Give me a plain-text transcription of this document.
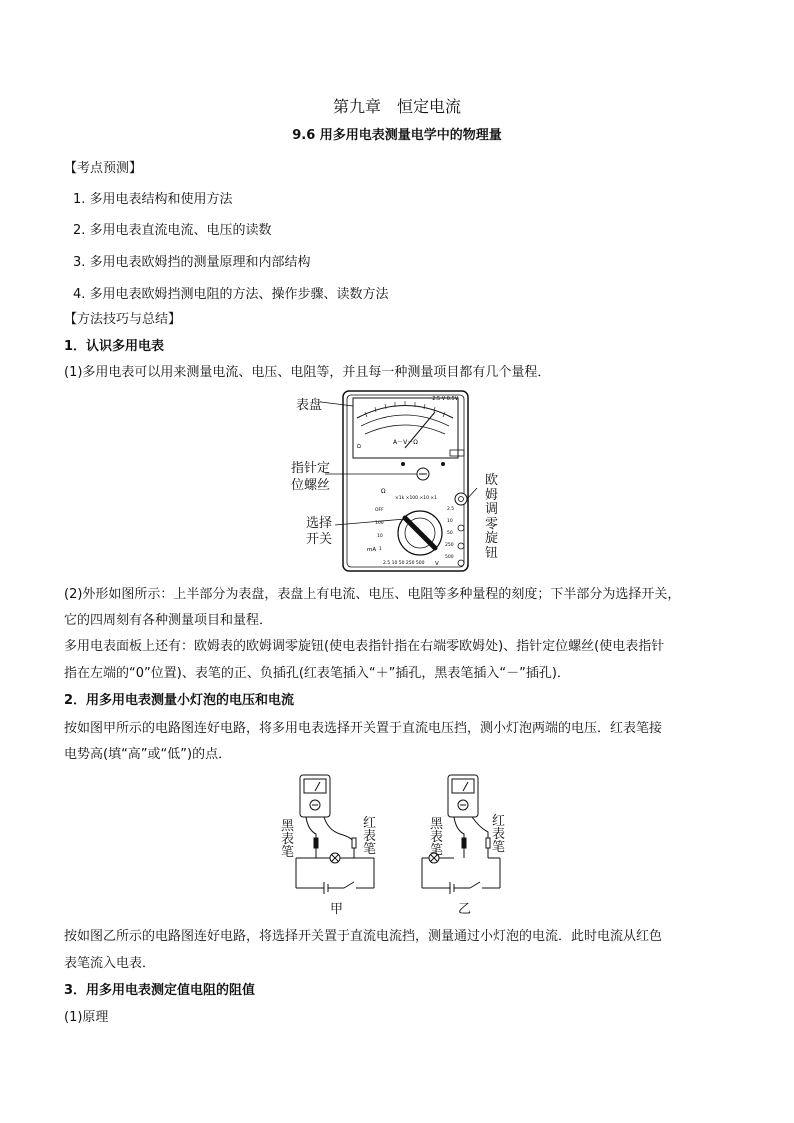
第九章　恒定电流
9.6 用多用电表测量电学中的物理量
【考点预测】
1. 多用电表结构和使用方法
2. 多用电表直流电流、电压的读数
3. 多用电表欧姆挡的测量原理和内部结构
4. 多用电表欧姆挡测电阻的方法、操作步骤、读数方法
【方法技巧与总结】
1．认识多用电表
(1)多用电表可以用来测量电流、电压、电阻等，并且每一种测量项目都有几个量程．
~2.5 V 0.5V
A－V－Ω
Ω
Ω
×1k ×100 ×10 ×1
OFF
100
10
1
2.5
10
50
250
500
mA
2.5 10 50 250 500 V
表盘
指针定
位螺丝
选择
开关
欧
姆
调
零
旋
钮
(2)外形如图所示：上半部分为表盘，表盘上有电流、电压、电阻等多种量程的刻度；下半部分为选择开关，
它的四周刻有各种测量项目和量程．
多用电表面板上还有：欧姆表的欧姆调零旋钮(使电表指针指在右端零欧姆处)、指针定位螺丝(使电表指针
指在左端的“0”位置)、表笔的正、负插孔(红表笔插入“＋”插孔，黑表笔插入“－”插孔)．
2．用多用电表测量小灯泡的电压和电流
按如图甲所示的电路图连好电路，将多用电表选择开关置于直流电压挡，测小灯泡两端的电压．红表笔接
电势高(填“高”或“低”)的点．
黑
表
笔
红
表
笔
黑
表
笔
红
表
笔
甲	乙
按如图乙所示的电路图连好电路，将选择开关置于直流电流挡，测量通过小灯泡的电流．此时电流从红色
表笔流入电表．
3．用多用电表测定值电阻的阻值
(1)原理
